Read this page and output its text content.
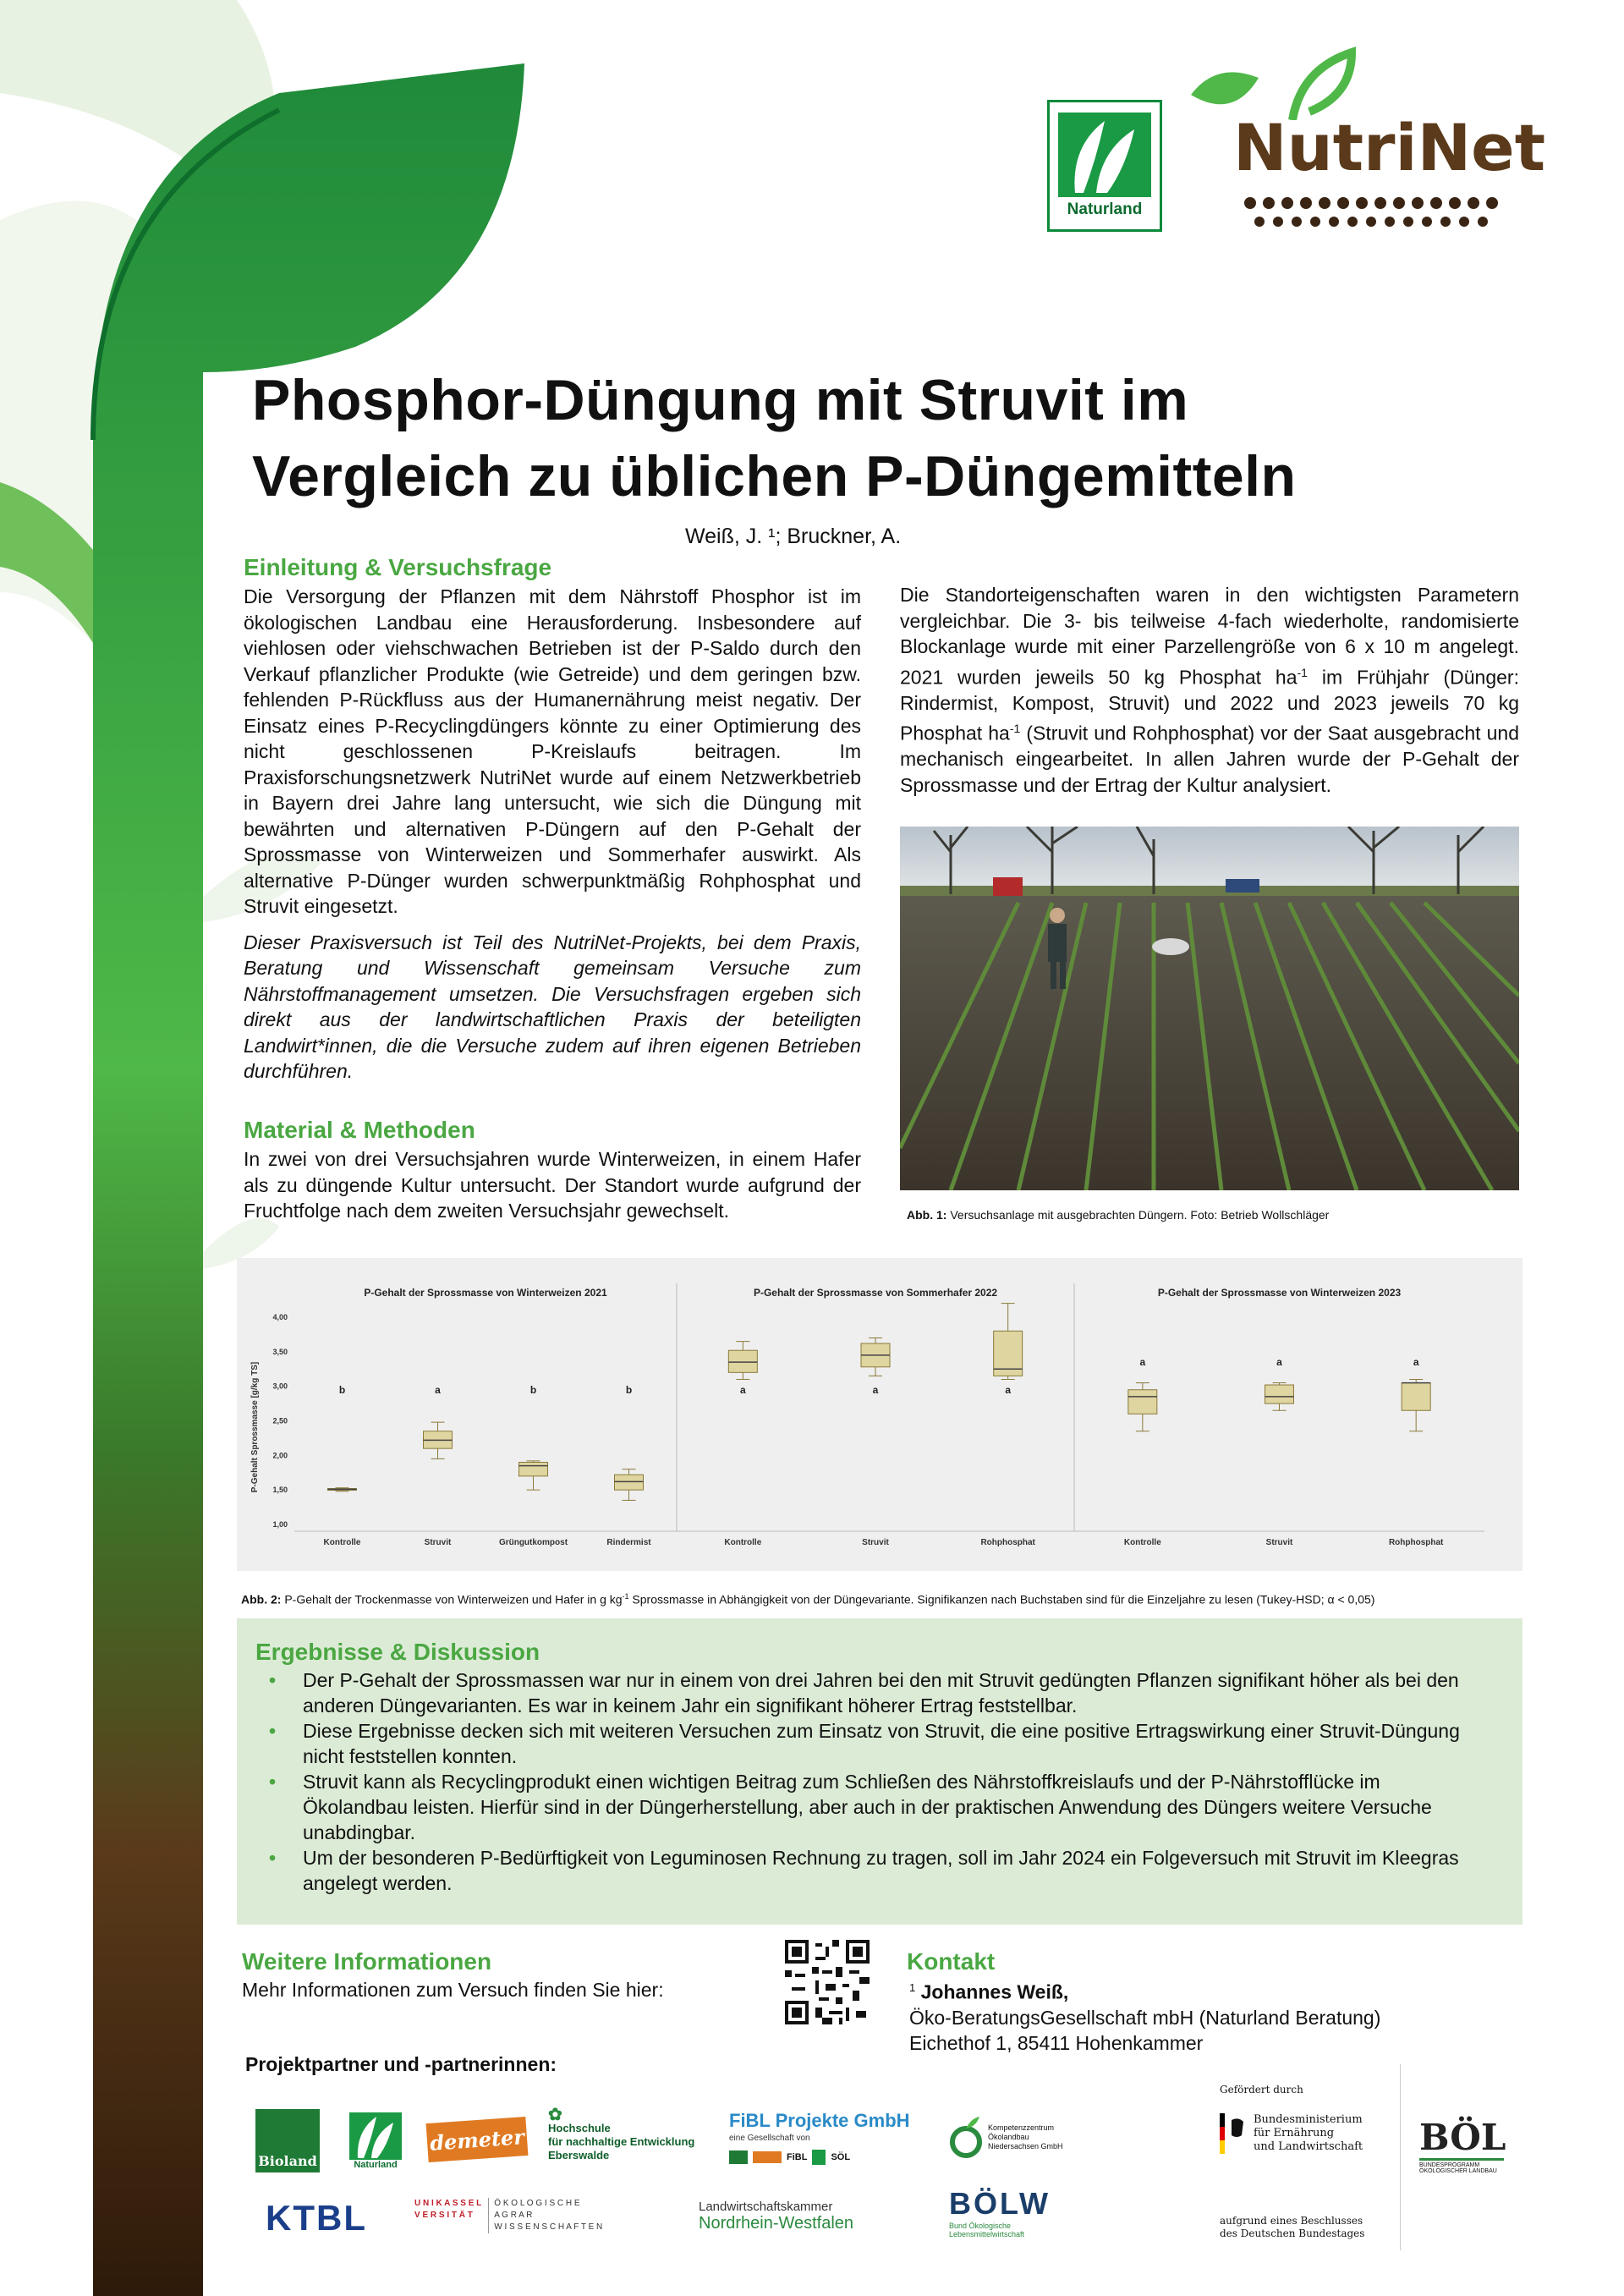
Naturland
NutriNet
Phosphor-Düngung mit Struvit im
Vergleich zu üblichen P-Düngemitteln
Weiß, J. ¹; Bruckner, A.
Einleitung & Versuchsfrage

Die Versorgung der Pflanzen mit dem Nährstoff Phosphor ist im ökologischen Landbau eine Herausforderung. Insbesondere auf viehlosen oder viehschwachen Betrieben ist der P-Saldo durch den Verkauf pflanzlicher Produkte (wie Getreide) und dem geringen bzw. fehlenden P-Rückfluss aus der Humanernährung meist negativ. Der Einsatz eines P-Recyclingdüngers könnte zu einer Optimierung des nicht geschlossenen P-Kreislaufs beitragen. Im Praxisforschungsnetzwerk NutriNet wurde auf einem Netzwerkbetrieb in Bayern drei Jahre lang untersucht, wie sich die Düngung mit bewährten und alternativen P-Düngern auf den P-Gehalt der Sprossmasse von Winterweizen und Sommerhafer auswirkt. Als alternative P-Dünger wurden schwerpunktmäßig Rohphosphat und Struvit eingesetzt.

Dieser Praxisversuch ist Teil des NutriNet-Projekts, bei dem Praxis, Beratung und Wissenschaft gemeinsam Versuche zum Nährstoffmanagement umsetzen. Die Versuchsfragen ergeben sich direkt aus der landwirtschaftlichen Praxis der beteiligten Landwirt*innen, die die Versuche zudem auf ihren eigenen Betrieben durchführen.

Material & Methoden
In zwei von drei Versuchsjahren wurde Winterweizen, in einem Hafer als zu düngende Kultur untersucht. Der Standort wurde aufgrund der Fruchtfolge nach dem zweiten Versuchsjahr gewechselt.
Die Standorteigenschaften waren in den wichtigsten Parametern vergleichbar. Die 3- bis teilweise 4-fach wiederholte, randomisierte Blockanlage wurde mit einer Parzellengröße von 6 x 10 m angelegt. 2021 wurden jeweils 50 kg Phosphat $ha^{-1}$ im Frühjahr (Dünger: Rindermist, Kompost, Struvit) und 2022 und 2023 jeweils 70 kg Phosphat $ha^{-1}$ (Struvit und Rohphosphat) vor der Saat ausgebracht und mechanisch eingearbeitet. In allen Jahren wurde der P-Gehalt der Sprossmasse und der Ertrag der Kultur analysiert.
Abb. 1: Versuchsanlage mit ausgebrachten Düngern. Foto: Betrieb Wollschläger
P-Gehalt Sprossmasse [g/kg TS]
1,00
1,50
2,00
2,50
3,00
3,50
4,00
P-Gehalt der Sprossmasse von Winterweizen 2021
b
Kontrolle
a
Struvit
b
Grüngutkompost
b
Rindermist
P-Gehalt der Sprossmasse von Sommerhafer 2022
a
Kontrolle
a
Struvit
a
Rohphosphat
P-Gehalt der Sprossmasse von Winterweizen 2023
a
Kontrolle
a
Struvit
a
Rohphosphat
Abb. 2: P-Gehalt der Trockenmasse von Winterweizen und Hafer in g $kg^{-1}$ Sprossmasse in Abhängigkeit von der Düngevariante. Signifikanzen nach Buchstaben sind für die Einzeljahre zu lesen (Tukey-HSD; α < 0,05)
Ergebnisse & Diskussion
• Der P-Gehalt der Sprossmassen war nur in einem von drei Jahren bei den mit Struvit gedüngten Pflanzen signifikant höher als bei den anderen Düngevarianten. Es war in keinem Jahr ein signifikant höherer Ertrag feststellbar.
• Diese Ergebnisse decken sich mit weiteren Versuchen zum Einsatz von Struvit, die eine positive Ertragswirkung einer Struvit-Düngung nicht feststellen konnten.
• Struvit kann als Recyclingprodukt einen wichtigen Beitrag zum Schließen des Nährstoffkreislaufs und der P-Nährstofflücke im Ökolandbau leisten. Hierfür sind in der Düngerherstellung, aber auch in der praktischen Anwendung des Düngers weitere Versuche unabdingbar.
• Um der besonderen P-Bedürftigkeit von Leguminosen Rechnung zu tragen, soll im Jahr 2024 ein Folgeversuch mit Struvit im Kleegras angelegt werden.
Weitere Informationen
Mehr Informationen zum Versuch finden Sie hier:
Kontakt
$^1$ Johannes Weiß,
Öko-BeratungsGesellschaft mbH (Naturland Beratung)
Eichethof 1, 85411 Hohenkammer
Projektpartner und -partnerinnen:
Bioland	Naturland
demeter
✿
Hochschule
für nachhaltige Entwicklung
Eberswalde
FiBL Projekte GmbH
eine Gesellschaft von
FiBL	SÖL
Kompetenzzentrum
Ökolandbau
Niedersachsen GmbH
KTBL	U N I K A S S E L
V E R S I T Ä T
Ö K O L O G I S C H E
A G R A R
W I S S E N S C H A F T E N
Landwirtschaftskammer
Nordrhein-Westfalen
BÖLW
Bund Ökologische
Lebensmittelwirtschaft
Gefördert durch
Bundesministerium
für Ernährung
und Landwirtschaft
aufgrund eines Beschlusses
des Deutschen Bundestages
BÖL
BUNDESPROGRAMM
ÖKOLOGISCHER LANDBAU
